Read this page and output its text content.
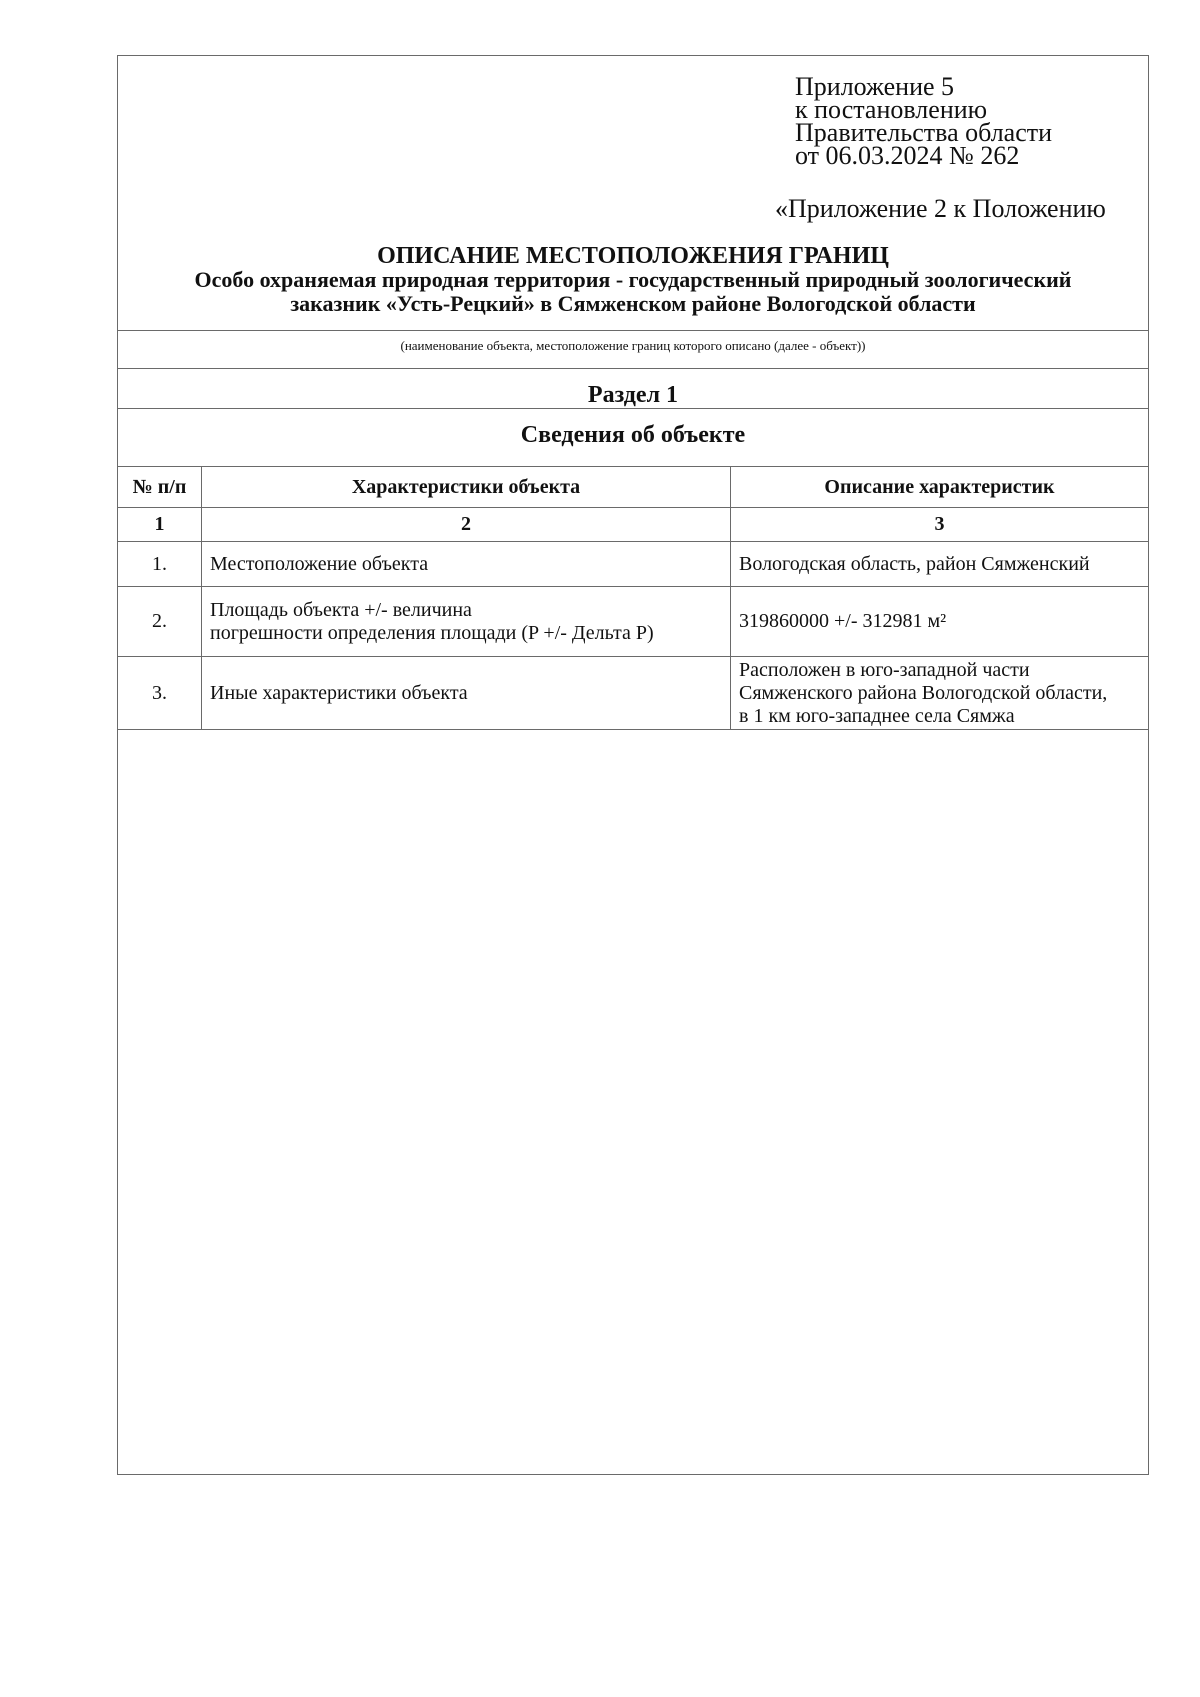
Приложение 5
к постановлению
Правительства области
от 06.03.2024 № 262
«Приложение 2 к Положению
ОПИСАНИЕ МЕСТОПОЛОЖЕНИЯ ГРАНИЦ
Особо охраняемая природная территория - государственный природный зоологический
заказник «Усть-Рецкий» в Сямженском районе Вологодской области
(наименование объекта, местоположение границ которого описано (далее - объект))
Раздел 1
Сведения об объекте
№ п/п	Характеристики объекта	Описание характеристик
1	2	3
1.	Местоположение объекта	Вологодская область, район Сямженский
2.	Площадь объекта +/- величина
погрешности определения площади (P +/- Дельта P)	319860000 +/- 312981 м²
3.	Иные характеристики объекта	Расположен в юго-западной части
Сямженского района Вологодской области,
в 1 км юго-западнее села Сямжа
